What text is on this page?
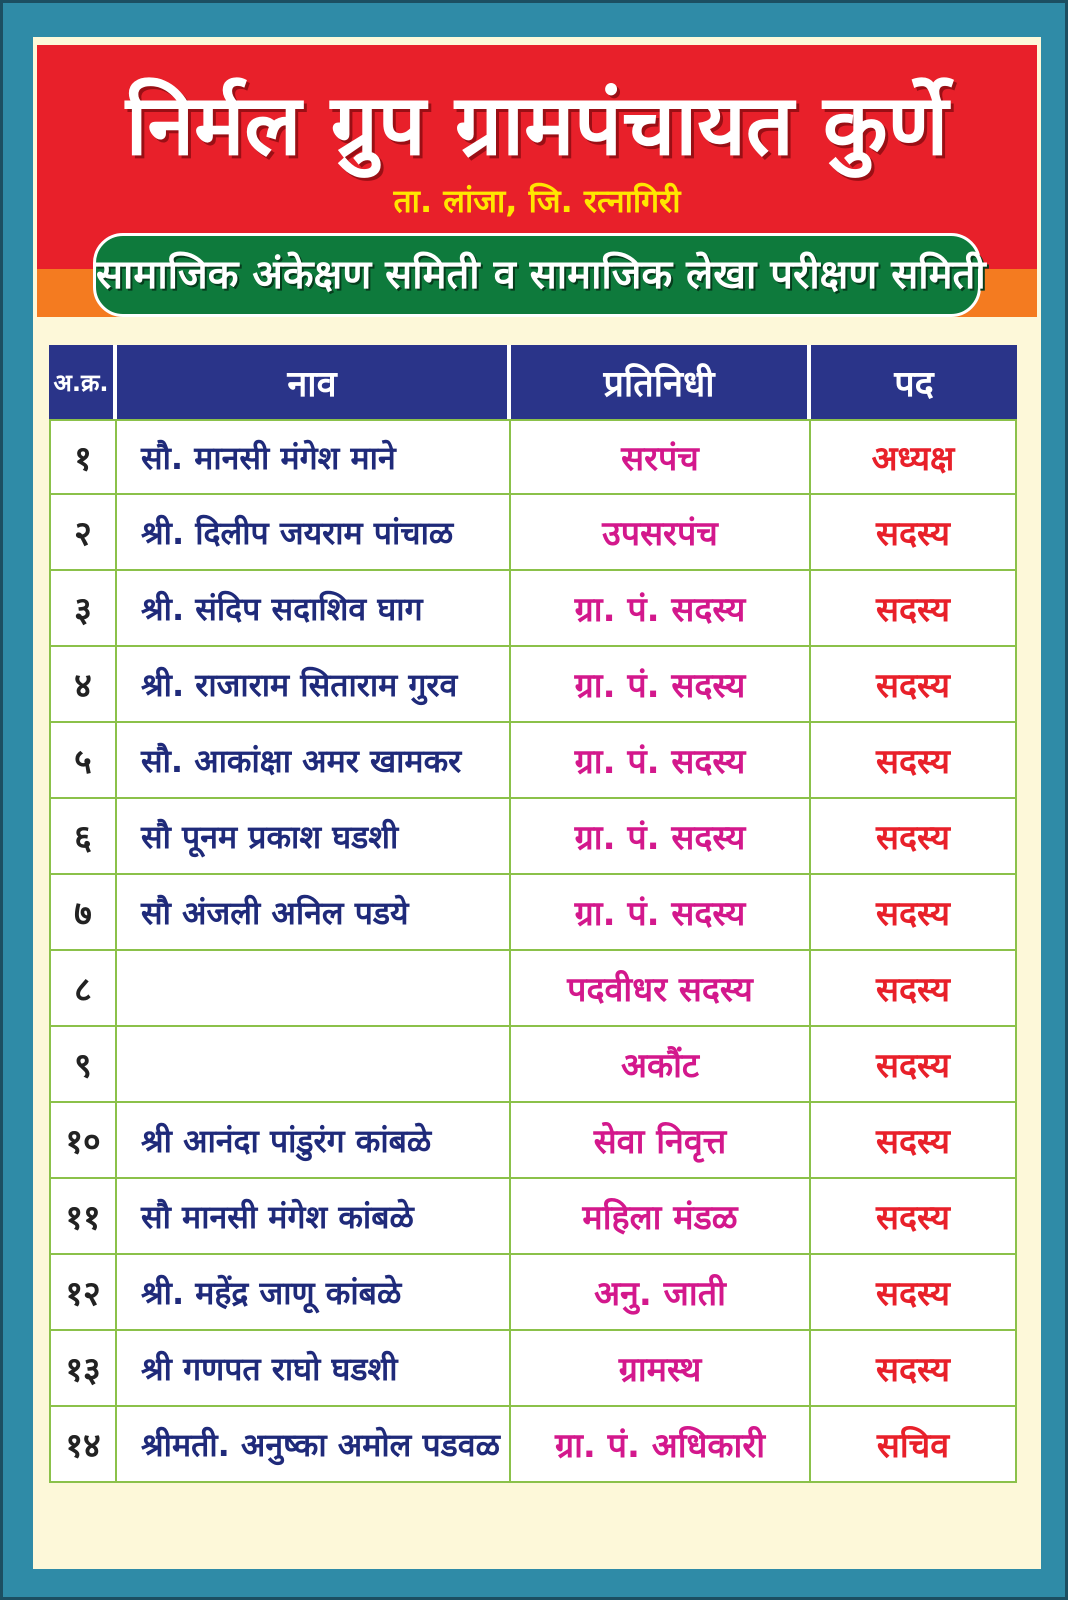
निर्मल ग्रुप ग्रामपंचायत कुर्णे
ता. लांजा, जि. रत्नागिरी
सामाजिक अंकेक्षण समिती व सामाजिक लेखा परीक्षण समिती
अ.क्र.	नाव	प्रतिनिधी	पद
१	सौ. मानसी मंगेश माने	सरपंच	अध्यक्ष
२	श्री. दिलीप जयराम पांचाळ	उपसरपंच	सदस्य
३	श्री. संदिप सदाशिव घाग	ग्रा. पं. सदस्य	सदस्य
४	श्री. राजाराम सिताराम गुरव	ग्रा. पं. सदस्य	सदस्य
५	सौ. आकांक्षा अमर खामकर	ग्रा. पं. सदस्य	सदस्य
६	सौ पूनम प्रकाश घडशी	ग्रा. पं. सदस्य	सदस्य
७	सौ अंजली अनिल पडये	ग्रा. पं. सदस्य	सदस्य
८		पदवीधर सदस्य	सदस्य
९		अकौंट	सदस्य
१०	श्री आनंदा पांडुरंग कांबळे	सेवा निवृत्त	सदस्य
११	सौ मानसी मंगेश कांबळे	महिला मंडळ	सदस्य
१२	श्री. महेंद्र जाणू कांबळे	अनु. जाती	सदस्य
१३	श्री गणपत राघो घडशी	ग्रामस्थ	सदस्य
१४	श्रीमती. अनुष्का अमोल पडवळ	ग्रा. पं. अधिकारी	सचिव
